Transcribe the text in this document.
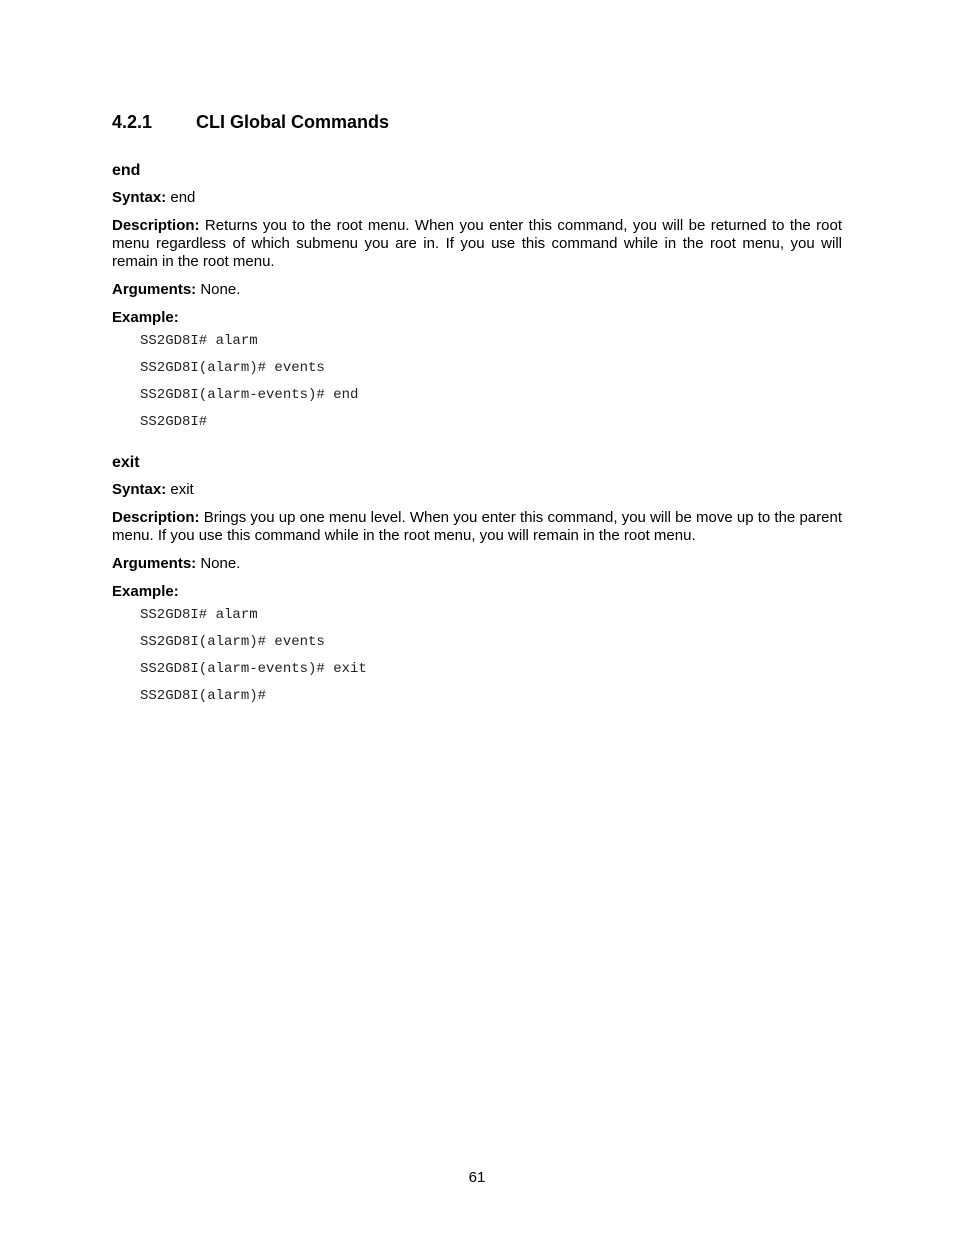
4.2.1 CLI Global Commands
end

Syntax: end

Description: Returns you to the root menu. When you enter this command, you will be returned to the root menu regardless of which submenu you are in. If you use this command while in the root menu, you will remain in the root menu.

Arguments: None.

Example:
SS2GD8I# alarm
SS2GD8I(alarm)# events
SS2GD8I(alarm-events)# end
SS2GD8I#
exit

Syntax: exit

Description: Brings you up one menu level. When you enter this command, you will be move up to the parent menu. If you use this command while in the root menu, you will remain in the root menu.

Arguments: None.

Example:
SS2GD8I# alarm
SS2GD8I(alarm)# events
SS2GD8I(alarm-events)# exit
SS2GD8I(alarm)#
61
